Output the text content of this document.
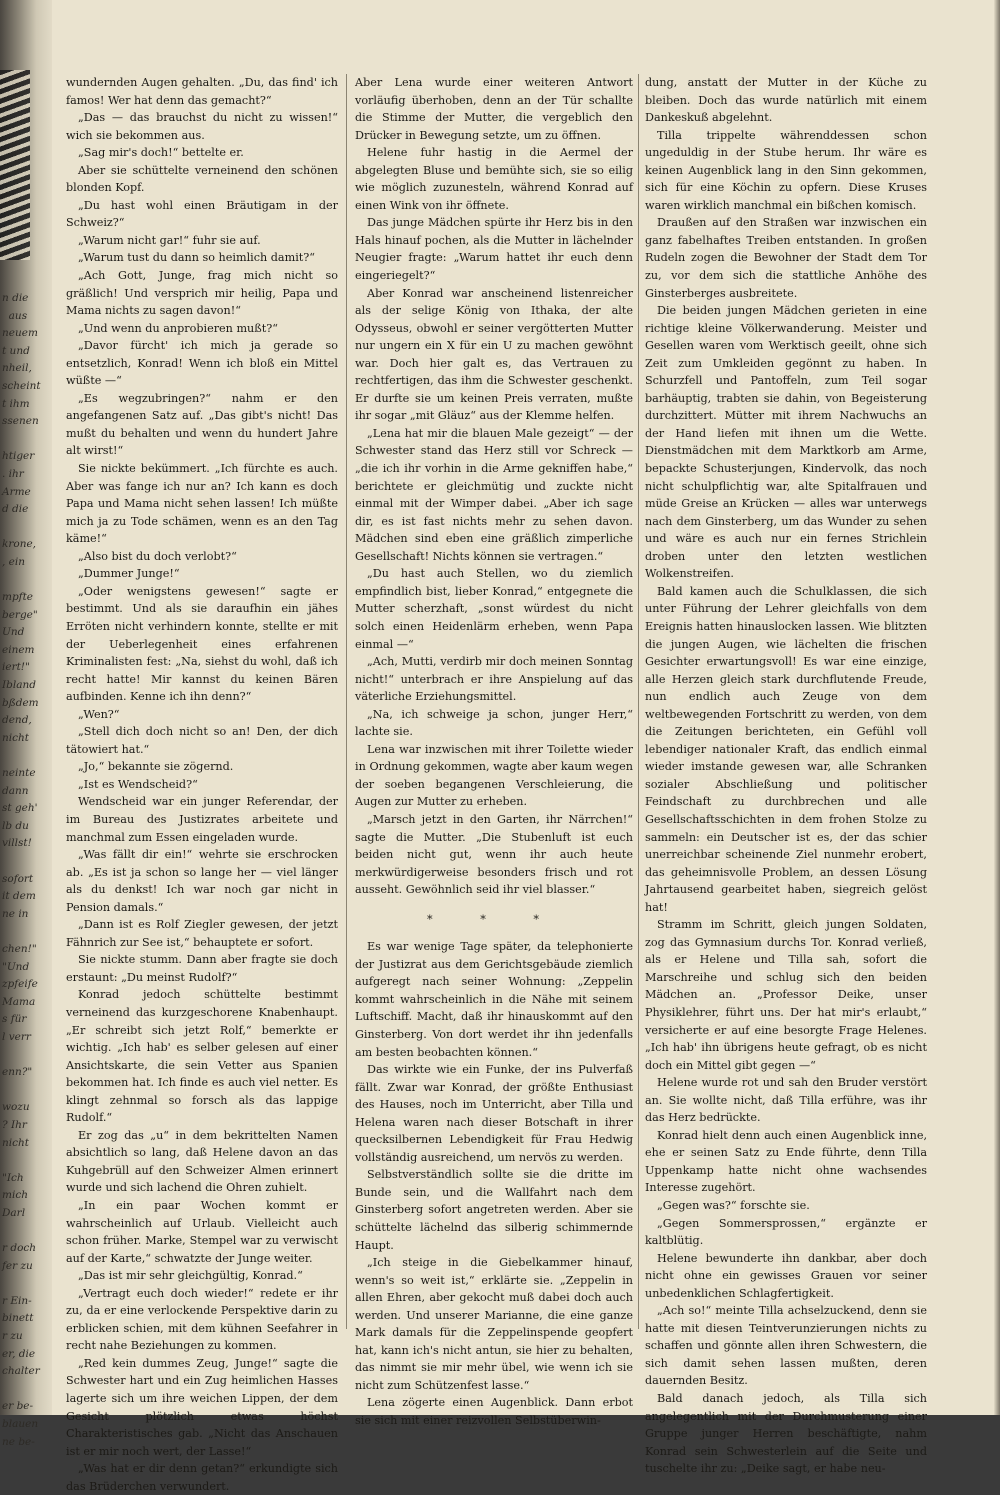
n die
aus
neuem
t und
nheil,
scheint
t ihm
ssenen

htiger
. ihr
Arme
d die

krone,
, ein

mpfte
berge"
Und
einem
iert!"
Ibland
bßdem
dend,
nicht

neinte
dann
st geh'
lb du
villst!

sofort
it dem
ne in

chen!"
"Und
zpfeife
Mama
s für
l verr

enn?"

wozu
? Ihr
nicht

"Ich
mich
Darl

r doch
fer zu

r Ein-
binett
r zu
er, die
chalter

er be-
blauen
ne be-

wundernden Augen gehalten. „Du, das find' ich famos! Wer hat denn das gemacht?“

„Das — das brauchst du nicht zu wissen!“ wich sie bekommen aus.

„Sag mir's doch!“ bettelte er.

Aber sie schüttelte verneinend den schönen blonden Kopf.

„Du hast wohl einen Bräutigam in der Schweiz?“

„Warum nicht gar!“ fuhr sie auf.

„Warum tust du dann so heimlich damit?“

„Ach Gott, Junge, frag mich nicht so gräßlich! Und versprich mir heilig, Papa und Mama nichts zu sagen davon!“

„Und wenn du anprobieren mußt?“

„Davor fürcht' ich mich ja gerade so entsetzlich, Konrad! Wenn ich bloß ein Mittel wüßte —“

„Es wegzubringen?“ nahm er den angefangenen Satz auf. „Das gibt's nicht! Das mußt du behalten und wenn du hundert Jahre alt wirst!“

Sie nickte bekümmert. „Ich fürchte es auch. Aber was fange ich nur an? Ich kann es doch Papa und Mama nicht sehen lassen! Ich müßte mich ja zu Tode schämen, wenn es an den Tag käme!“

„Also bist du doch verlobt?“

„Dummer Junge!“

„Oder wenigstens gewesen!“ sagte er bestimmt. Und als sie daraufhin ein jähes Erröten nicht verhindern konnte, stellte er mit der Ueberlegenheit eines erfahrenen Kriminalisten fest: „Na, siehst du wohl, daß ich recht hatte! Mir kannst du keinen Bären aufbinden. Kenne ich ihn denn?“

„Wen?“

„Stell dich doch nicht so an! Den, der dich tätowiert hat.“

„Jo,“ bekannte sie zögernd.

„Ist es Wendscheid?“

Wendscheid war ein junger Referendar, der im Bureau des Justizrates arbeitete und manchmal zum Essen eingeladen wurde.

„Was fällt dir ein!“ wehrte sie erschrocken ab. „Es ist ja schon so lange her — viel länger als du denkst! Ich war noch gar nicht in Pension damals.“

„Dann ist es Rolf Ziegler gewesen, der jetzt Fähnrich zur See ist,“ behauptete er sofort.

Sie nickte stumm. Dann aber fragte sie doch erstaunt: „Du meinst Rudolf?“

Konrad jedoch schüttelte bestimmt verneinend das kurzgeschorene Knabenhaupt. „Er schreibt sich jetzt Rolf,“ bemerkte er wichtig. „Ich hab' es selber gelesen auf einer Ansichtskarte, die sein Vetter aus Spanien bekommen hat. Ich finde es auch viel netter. Es klingt zehnmal so forsch als das lappige Rudolf.“

Er zog das „u“ in dem bekrittelten Namen absichtlich so lang, daß Helene davon an das Kuhgebrüll auf den Schweizer Almen erinnert wurde und sich lachend die Ohren zuhielt.

„In ein paar Wochen kommt er wahrscheinlich auf Urlaub. Vielleicht auch schon früher. Marke, Stempel war zu verwischt auf der Karte,“ schwatzte der Junge weiter.

„Das ist mir sehr gleichgültig, Konrad.“

„Vertragt euch doch wieder!“ redete er ihr zu, da er eine verlockende Perspektive darin zu erblicken schien, mit dem kühnen Seefahrer in recht nahe Beziehungen zu kommen.

„Red kein dummes Zeug, Junge!“ sagte die Schwester hart und ein Zug heimlichen Hasses lagerte sich um ihre weichen Lippen, der dem Gesicht plötzlich etwas höchst Charakteristisches gab. „Nicht das Anschauen ist er mir noch wert, der Lasse!“

„Was hat er dir denn getan?“ erkundigte sich das Brüderchen verwundert.

Aber Lena wurde einer weiteren Antwort vorläufig überhoben, denn an der Tür schallte die Stimme der Mutter, die vergeblich den Drücker in Bewegung setzte, um zu öffnen.

Helene fuhr hastig in die Aermel der abgelegten Bluse und bemühte sich, sie so eilig wie möglich zuzunesteln, während Konrad auf einen Wink von ihr öffnete.

Das junge Mädchen spürte ihr Herz bis in den Hals hinauf pochen, als die Mutter in lächelnder Neugier fragte: „Warum hattet ihr euch denn eingeriegelt?“

Aber Konrad war anscheinend listenreicher als der selige König von Ithaka, der alte Odysseus, obwohl er seiner vergötterten Mutter nur ungern ein X für ein U zu machen gewöhnt war. Doch hier galt es, das Vertrauen zu rechtfertigen, das ihm die Schwester geschenkt. Er durfte sie um keinen Preis verraten, mußte ihr sogar „mit Gläuz“ aus der Klemme helfen.

„Lena hat mir die blauen Male gezeigt“ — der Schwester stand das Herz still vor Schreck — „die ich ihr vorhin in die Arme gekniffen habe,“ berichtete er gleichmütig und zuckte nicht einmal mit der Wimper dabei. „Aber ich sage dir, es ist fast nichts mehr zu sehen davon. Mädchen sind eben eine gräßlich zimperliche Gesellschaft! Nichts können sie vertragen.“

„Du hast auch Stellen, wo du ziemlich empfindlich bist, lieber Konrad,“ entgegnete die Mutter scherzhaft, „sonst würdest du nicht solch einen Heidenlärm erheben, wenn Papa einmal —“

„Ach, Mutti, verdirb mir doch meinen Sonntag nicht!“ unterbrach er ihre Anspielung auf das väterliche Erziehungsmittel.

„Na, ich schweige ja schon, junger Herr,“ lachte sie.

Lena war inzwischen mit ihrer Toilette wieder in Ordnung gekommen, wagte aber kaum wegen der soeben begangenen Verschleierung, die Augen zur Mutter zu erheben.

„Marsch jetzt in den Garten, ihr Närrchen!“ sagte die Mutter. „Die Stubenluft ist euch beiden nicht gut, wenn ihr auch heute merkwürdigerweise besonders frisch und rot ausseht. Gewöhnlich seid ihr viel blasser.“

* * *

Es war wenige Tage später, da telephonierte der Justizrat aus dem Gerichtsgebäude ziemlich aufgeregt nach seiner Wohnung: „Zeppelin kommt wahrscheinlich in die Nähe mit seinem Luftschiff. Macht, daß ihr hinauskommt auf den Ginsterberg. Von dort werdet ihr ihn jedenfalls am besten beobachten können.“

Das wirkte wie ein Funke, der ins Pulverfaß fällt. Zwar war Konrad, der größte Enthusiast des Hauses, noch im Unterricht, aber Tilla und Helena waren nach dieser Botschaft in ihrer quecksilbernen Lebendigkeit für Frau Hedwig vollständig ausreichend, um nervös zu werden.

Selbstverständlich sollte sie die dritte im Bunde sein, und die Wallfahrt nach dem Ginsterberg sofort angetreten werden. Aber sie schüttelte lächelnd das silberig schimmernde Haupt.

„Ich steige in die Giebelkammer hinauf, wenn's so weit ist,“ erklärte sie. „Zeppelin in allen Ehren, aber gekocht muß dabei doch auch werden. Und unserer Marianne, die eine ganze Mark damals für die Zeppelinspende geopfert hat, kann ich's nicht antun, sie hier zu behalten, das nimmt sie mir mehr übel, wie wenn ich sie nicht zum Schützenfest lasse.“

Lena zögerte einen Augenblick. Dann erbot sie sich mit einer reizvollen Selbstüberwin-

dung, anstatt der Mutter in der Küche zu bleiben. Doch das wurde natürlich mit einem Dankeskuß abgelehnt.

Tilla trippelte währenddessen schon ungeduldig in der Stube herum. Ihr wäre es keinen Augenblick lang in den Sinn gekommen, sich für eine Köchin zu opfern. Diese Kruses waren wirklich manchmal ein bißchen komisch.

Draußen auf den Straßen war inzwischen ein ganz fabelhaftes Treiben entstanden. In großen Rudeln zogen die Bewohner der Stadt dem Tor zu, vor dem sich die stattliche Anhöhe des Ginsterberges ausbreitete.

Die beiden jungen Mädchen gerieten in eine richtige kleine Völkerwanderung. Meister und Gesellen waren vom Werktisch geeilt, ohne sich Zeit zum Umkleiden gegönnt zu haben. In Schurzfell und Pantoffeln, zum Teil sogar barhäuptig, trabten sie dahin, von Begeisterung durchzittert. Mütter mit ihrem Nachwuchs an der Hand liefen mit ihnen um die Wette. Dienstmädchen mit dem Marktkorb am Arme, bepackte Schusterjungen, Kindervolk, das noch nicht schulpflichtig war, alte Spitalfrauen und müde Greise an Krücken — alles war unterwegs nach dem Ginsterberg, um das Wunder zu sehen und wäre es auch nur ein fernes Strichlein droben unter den letzten westlichen Wolkenstreifen.

Bald kamen auch die Schulklassen, die sich unter Führung der Lehrer gleichfalls von dem Ereignis hatten hinauslocken lassen. Wie blitzten die jungen Augen, wie lächelten die frischen Gesichter erwartungsvoll! Es war eine einzige, alle Herzen gleich stark durchflutende Freude, nun endlich auch Zeuge von dem weltbewegenden Fortschritt zu werden, von dem die Zeitungen berichteten, ein Gefühl voll lebendiger nationaler Kraft, das endlich einmal wieder imstande gewesen war, alle Schranken sozialer Abschließung und politischer Feindschaft zu durchbrechen und alle Gesellschaftsschichten in dem frohen Stolze zu sammeln: ein Deutscher ist es, der das schier unerreichbar scheinende Ziel nunmehr erobert, das geheimnisvolle Problem, an dessen Lösung Jahrtausend gearbeitet haben, siegreich gelöst hat!

Stramm im Schritt, gleich jungen Soldaten, zog das Gymnasium durchs Tor. Konrad verließ, als er Helene und Tilla sah, sofort die Marschreihe und schlug sich den beiden Mädchen an. „Professor Deike, unser Physiklehrer, führt uns. Der hat mir's erlaubt,“ versicherte er auf eine besorgte Frage Helenes. „Ich hab' ihn übrigens heute gefragt, ob es nicht doch ein Mittel gibt gegen —“

Helene wurde rot und sah den Bruder verstört an. Sie wollte nicht, daß Tilla erführe, was ihr das Herz bedrückte.

Konrad hielt denn auch einen Augenblick inne, ehe er seinen Satz zu Ende führte, denn Tilla Uppenkamp hatte nicht ohne wachsendes Interesse zugehört.

„Gegen was?“ forschte sie.

„Gegen Sommersprossen,“ ergänzte er kaltblütig.

Helene bewunderte ihn dankbar, aber doch nicht ohne ein gewisses Grauen vor seiner unbedenklichen Schlagfertigkeit.

„Ach so!“ meinte Tilla achselzuckend, denn sie hatte mit diesen Teintverunzierungen nichts zu schaffen und gönnte allen ihren Schwestern, die sich damit sehen lassen mußten, deren dauernden Besitz.

Bald danach jedoch, als Tilla sich angelegentlich mit der Durchmusterung einer Gruppe junger Herren beschäftigte, nahm Konrad sein Schwesterlein auf die Seite und tuschelte ihr zu: „Deike sagt, er habe neu-
